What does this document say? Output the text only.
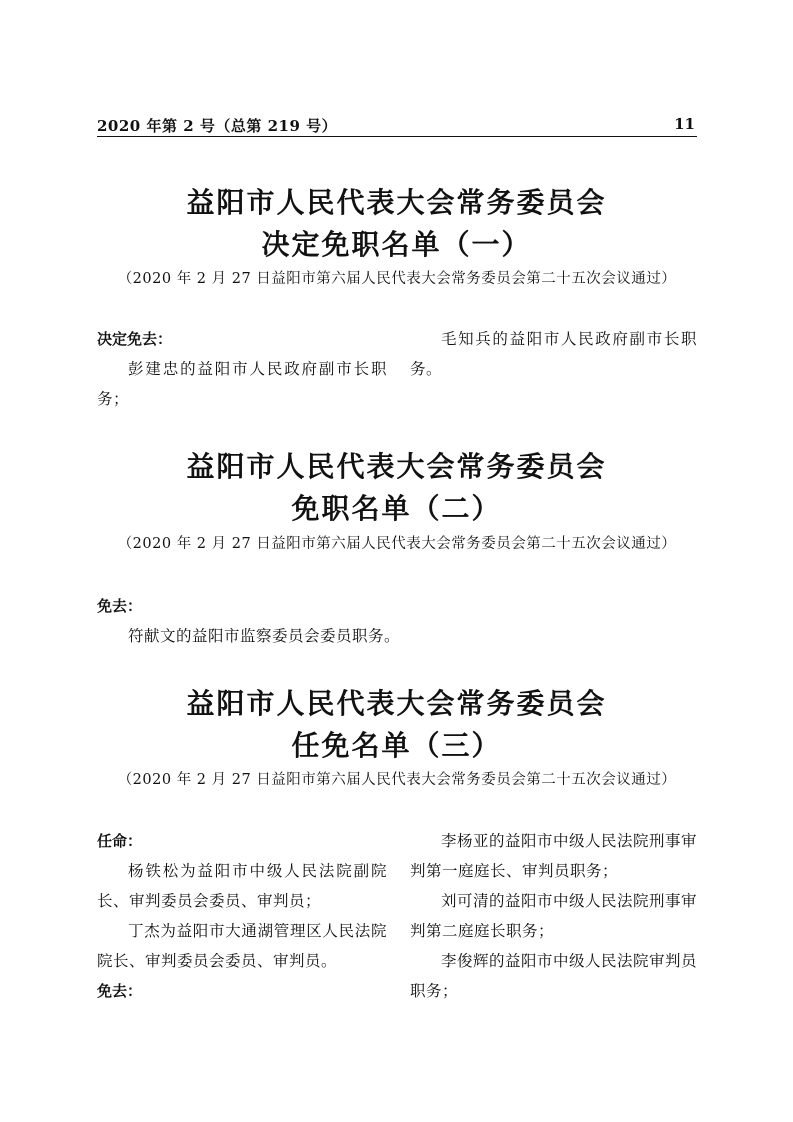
2020 年第 2 号（总第 219 号）	11
益阳市人民代表大会常务委员会
决定免职名单（一）
（2020 年 2 月 27 日益阳市第六届人民代表大会常务委员会第二十五次会议通过）

决定免去：

彭建忠的益阳市人民政府副市长职务；

毛知兵的益阳市人民政府副市长职务。

益阳市人民代表大会常务委员会
免职名单（二）
（2020 年 2 月 27 日益阳市第六届人民代表大会常务委员会第二十五次会议通过）

免去：

符献文的益阳市监察委员会委员职务。

益阳市人民代表大会常务委员会
任免名单（三）
（2020 年 2 月 27 日益阳市第六届人民代表大会常务委员会第二十五次会议通过）

任命：

杨铁松为益阳市中级人民法院副院长、审判委员会委员、审判员；

丁杰为益阳市大通湖管理区人民法院院长、审判委员会委员、审判员。

免去：

李杨亚的益阳市中级人民法院刑事审判第一庭庭长、审判员职务；

刘可清的益阳市中级人民法院刑事审判第二庭庭长职务；

李俊辉的益阳市中级人民法院审判员职务；
